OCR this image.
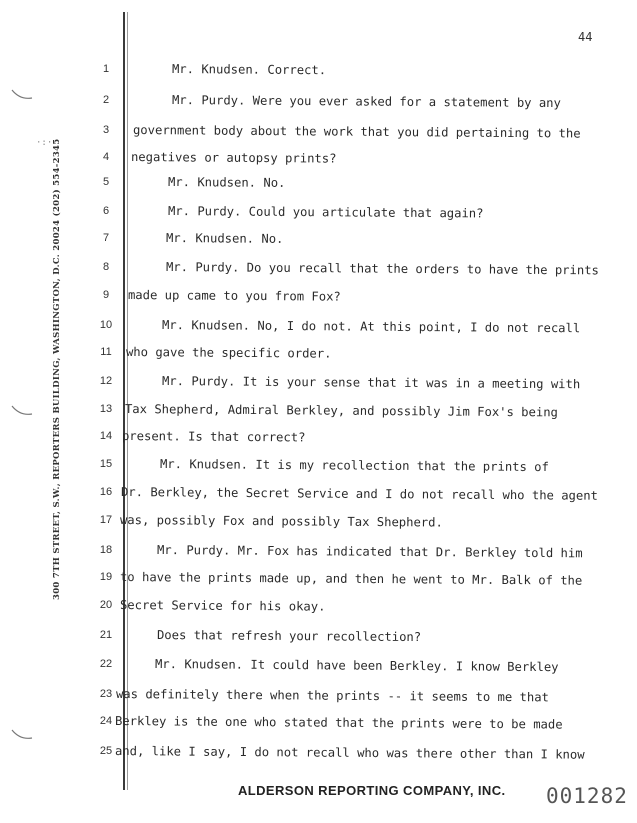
44
300 7TH STREET, S.W., REPORTERS BUILDING, WASHINGTON, D.C. 20024 (202) 554-2345
·:·
1	Mr. Knudsen. Correct.
2	Mr. Purdy. Were you ever asked for a statement by any
3	government body about the work that you did pertaining to the
4	negatives or autopsy prints?
5	Mr. Knudsen. No.
6	Mr. Purdy. Could you articulate that again?
7	Mr. Knudsen. No.
8	Mr. Purdy. Do you recall that the orders to have the prints
9	made up came to you from Fox?
10	Mr. Knudsen. No, I do not. At this point, I do not recall
11 who gave the specific order.
12	Mr. Purdy. It is your sense that it was in a meeting with
13 Tax Shepherd, Admiral Berkley, and possibly Jim Fox's being
14 present. Is that correct?
15	Mr. Knudsen. It is my recollection that the prints of
16 Dr. Berkley, the Secret Service and I do not recall who the agent
17 was, possibly Fox and possibly Tax Shepherd.
18	Mr. Purdy. Mr. Fox has indicated that Dr. Berkley told him
19 to have the prints made up, and then he went to Mr. Balk of the
20 Secret Service for his okay.
21	Does that refresh your recollection?
22	Mr. Knudsen. It could have been Berkley. I know Berkley
23 was definitely there when the prints -- it seems to me that
24 Berkley is the one who stated that the prints were to be made
25 and, like I say, I do not recall who was there other than I know
ALDERSON REPORTING COMPANY, INC. 001282
